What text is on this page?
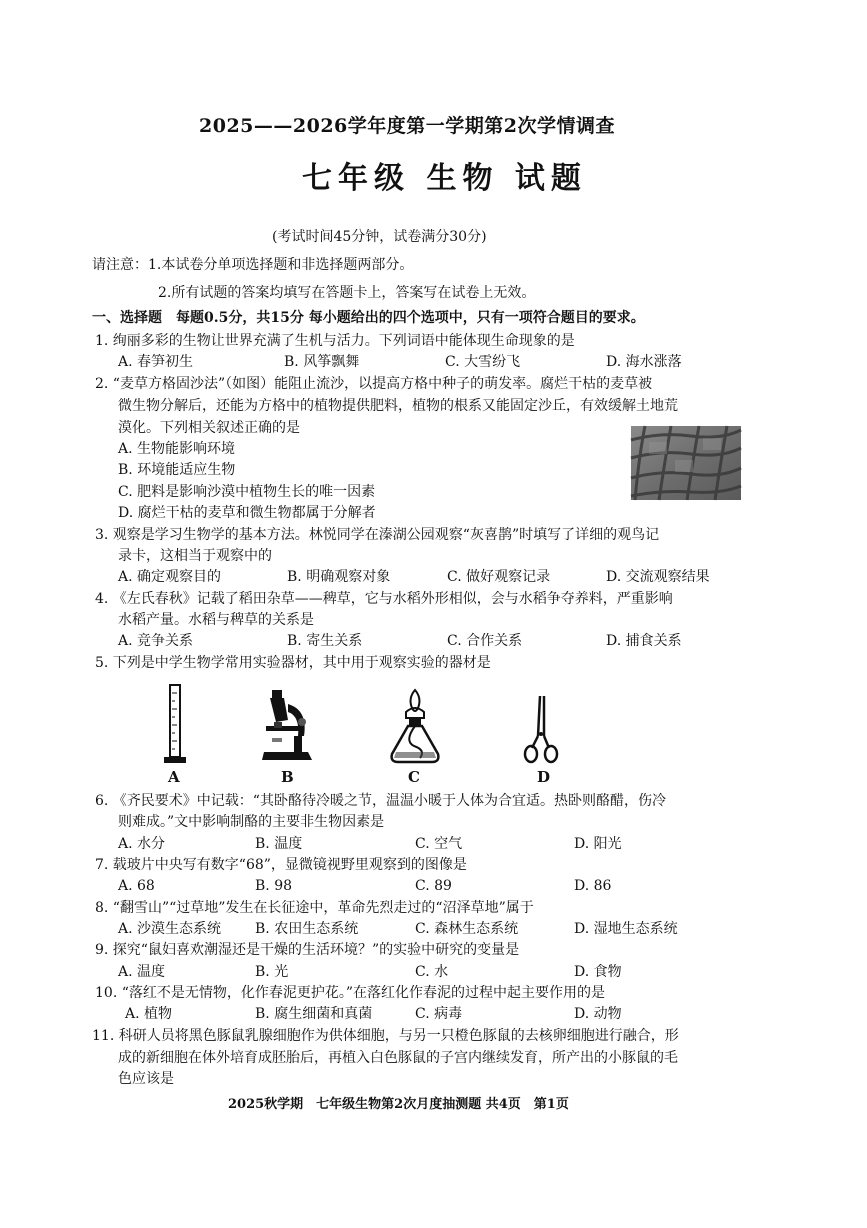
2025——2026学年度第一学期第2次学情调查
七年级 生物 试题
(考试时间45分钟，试卷满分30分)
请注意：1.本试卷分单项选择题和非选择题两部分。
2.所有试题的答案均填写在答题卡上，答案写在试卷上无效。
一、选择题　每题0.5分，共15分 每小题给出的四个选项中，只有一项符合题目的要求。
1. 绚丽多彩的生物让世界充满了生机与活力。下列词语中能体现生命现象的是
A. 春笋初生	B. 风筝飘舞	C. 大雪纷飞	D. 海水涨落
2. “麦草方格固沙法”（如图）能阻止流沙，以提高方格中种子的萌发率。腐烂干枯的麦草被
微生物分解后，还能为方格中的植物提供肥料，植物的根系又能固定沙丘，有效缓解土地荒
漠化。下列相关叙述正确的是
A. 生物能影响环境
B. 环境能适应生物
C. 肥料是影响沙漠中植物生长的唯一因素
D. 腐烂干枯的麦草和微生物都属于分解者
3. 观察是学习生物学的基本方法。林悦同学在溱湖公园观察“灰喜鹊”时填写了详细的观鸟记
录卡，这相当于观察中的
A. 确定观察目的	B. 明确观察对象	C. 做好观察记录	D. 交流观察结果
4. 《左氏春秋》记载了稻田杂草——稗草，它与水稻外形相似，会与水稻争夺养料，严重影响
水稻产量。水稻与稗草的关系是
A. 竞争关系	B. 寄生关系	C. 合作关系	D. 捕食关系
5. 下列是中学生物学常用实验器材，其中用于观察实验的器材是
A	B	C	D
6. 《齐民要术》中记载：“其卧酪待冷暖之节，温温小暖于人体为合宜适。热卧则酪醋，伤冷
则难成。”文中影响制酪的主要非生物因素是
A. 水分	B. 温度	C. 空气	D. 阳光
7. 载玻片中央写有数字“68”，显微镜视野里观察到的图像是
A. 68	B. 98	C. 89	D. 86
8. “翻雪山”“过草地”发生在长征途中，革命先烈走过的“沼泽草地”属于
A. 沙漠生态系统 B. 农田生态系统	C. 森林生态系统	D. 湿地生态系统
9. 探究“鼠妇喜欢潮湿还是干燥的生活环境？”的实验中研究的变量是
A. 温度	B. 光	C. 水	D. 食物
10. “落红不是无情物，化作春泥更护花。”在落红化作春泥的过程中起主要作用的是
A. 植物	B. 腐生细菌和真菌	C. 病毒	D. 动物
11. 科研人员将黑色豚鼠乳腺细胞作为供体细胞，与另一只橙色豚鼠的去核卵细胞进行融合，形
成的新细胞在体外培育成胚胎后，再植入白色豚鼠的子宫内继续发育，所产出的小豚鼠的毛
色应该是
2025秋学期　七年级生物第2次月度抽测题 共4页　第1页
